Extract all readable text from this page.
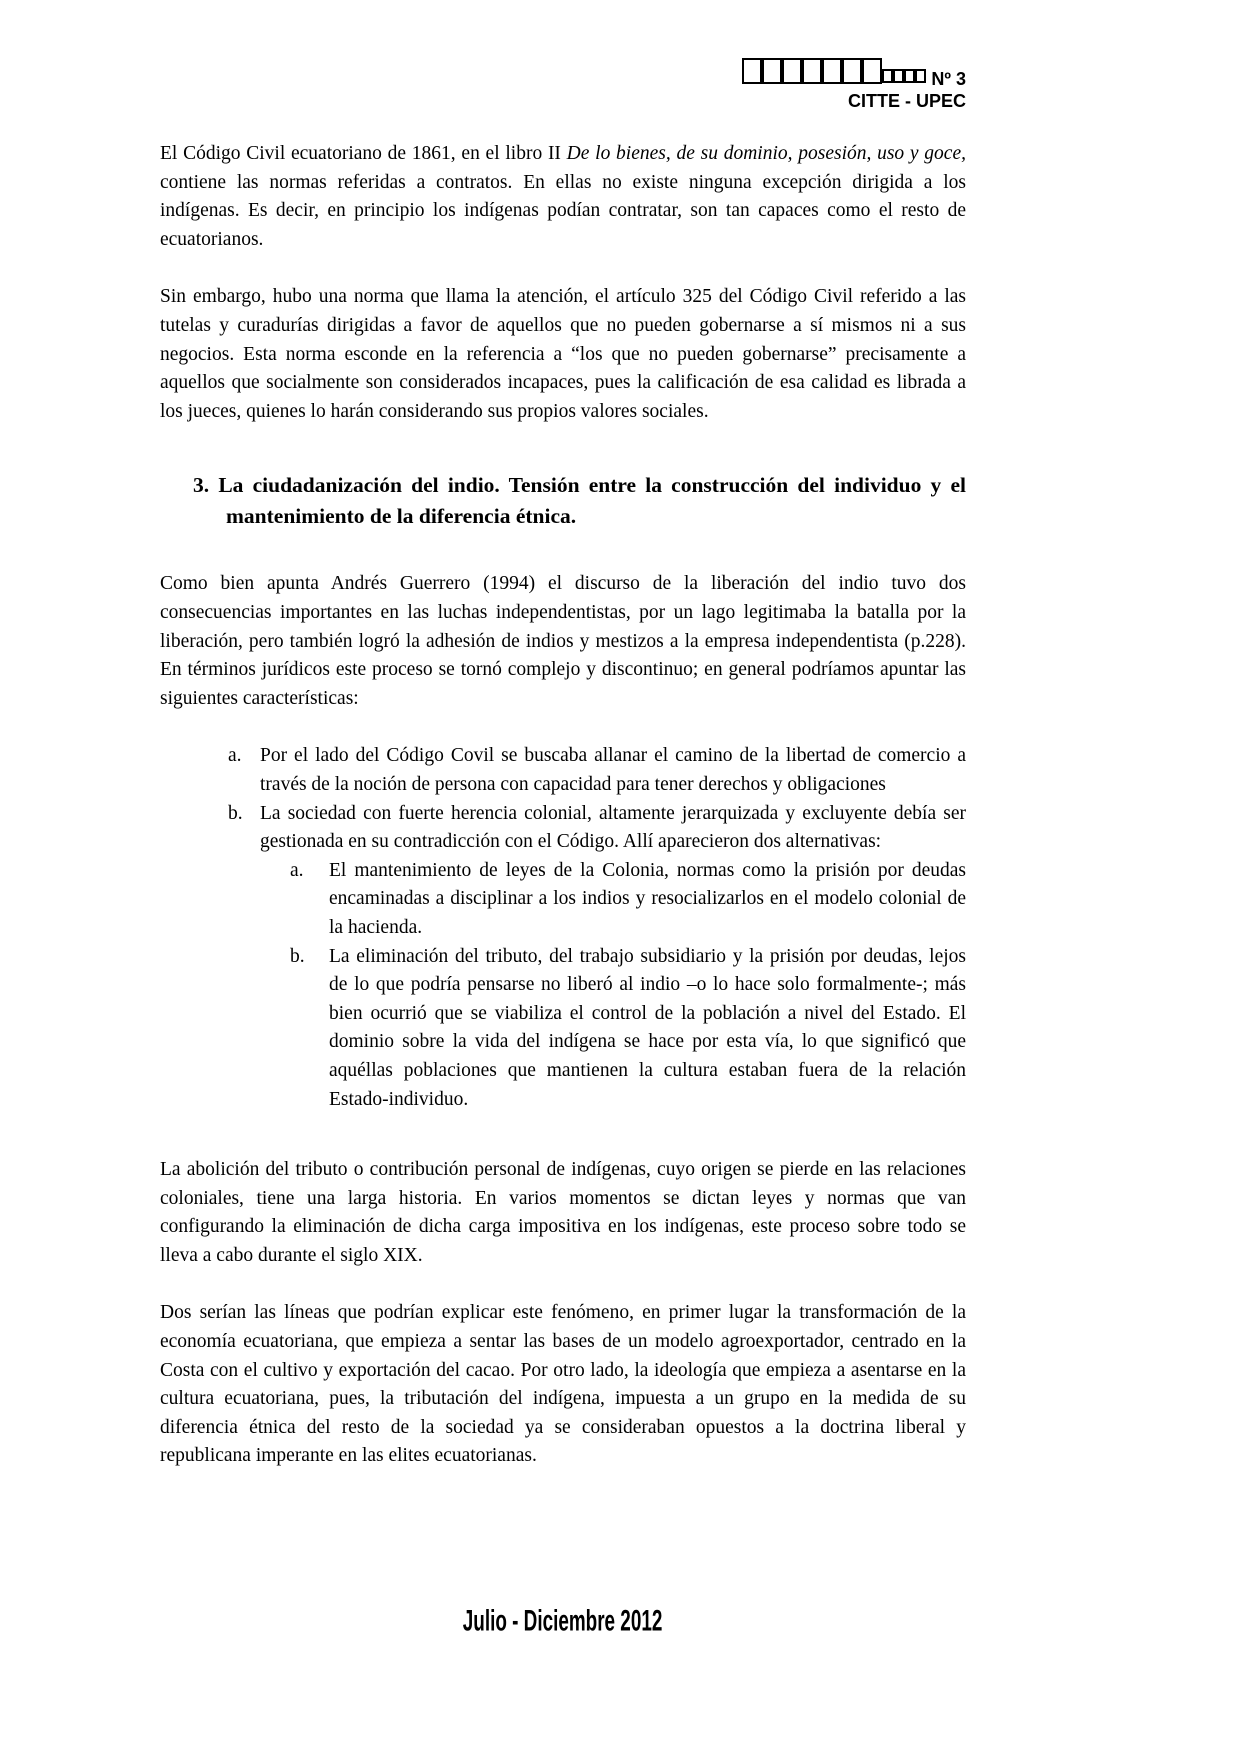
Nº 3
CITTE - UPEC

El Código Civil ecuatoriano de 1861, en el libro II De lo bienes, de su dominio, posesión, uso y goce, contiene las normas referidas a contratos. En ellas no existe ninguna excepción dirigida a los indígenas. Es decir, en principio los indígenas podían contratar, son tan capaces como el resto de ecuatorianos.

Sin embargo, hubo una norma que llama la atención, el artículo 325 del Código Civil referido a las tutelas y curadurías dirigidas a favor de aquellos que no pueden gobernarse a sí mismos ni a sus negocios. Esta norma esconde en la referencia a “los que no pueden gobernarse” precisamente a aquellos que socialmente son considerados incapaces, pues la calificación de esa calidad es librada a los jueces, quienes lo harán considerando sus propios valores sociales.

3. La ciudadanización del indio. Tensión entre la construcción del individuo y el mantenimiento de la diferencia étnica.

Como bien apunta Andrés Guerrero (1994) el discurso de la liberación del indio tuvo dos consecuencias importantes en las luchas independentistas, por un lago legitimaba la batalla por la liberación, pero también logró la adhesión de indios y mestizos a la empresa independentista (p.228). En términos jurídicos este proceso se tornó complejo y discontinuo; en general podríamos apuntar las siguientes características:

a. Por el lado del Código Covil se buscaba allanar el camino de la libertad de comercio a través de la noción de persona con capacidad para tener derechos y obligaciones
b. La sociedad con fuerte herencia colonial, altamente jerarquizada y excluyente debía ser gestionada en su contradicción con el Código. Allí aparecieron dos alternativas:
a.	El mantenimiento de leyes de la Colonia, normas como la prisión por deudas encaminadas a disciplinar a los indios y resocializarlos en el modelo colonial de la hacienda.
b.	La eliminación del tributo, del trabajo subsidiario y la prisión por deudas, lejos de lo que podría pensarse no liberó al indio –o lo hace solo formalmente-; más bien ocurrió que se viabiliza el control de la población a nivel del Estado. El dominio sobre la vida del indígena se hace por esta vía, lo que significó que aquéllas poblaciones que mantienen la cultura estaban fuera de la relación Estado-individuo.

La abolición del tributo o contribución personal de indígenas, cuyo origen se pierde en las relaciones coloniales, tiene una larga historia. En varios momentos se dictan leyes y normas que van configurando la eliminación de dicha carga impositiva en los indígenas, este proceso sobre todo se lleva a cabo durante el siglo XIX.

Dos serían las líneas que podrían explicar este fenómeno, en primer lugar la transformación de la economía ecuatoriana, que empieza a sentar las bases de un modelo agroexportador, centrado en la Costa con el cultivo y exportación del cacao. Por otro lado, la ideología que empieza a asentarse en la cultura ecuatoriana, pues, la tributación del indígena, impuesta a un grupo en la medida de su diferencia étnica del resto de la sociedad ya se consideraban opuestos a la doctrina liberal y republicana imperante en las elites ecuatorianas.

Julio - Diciembre 2012
